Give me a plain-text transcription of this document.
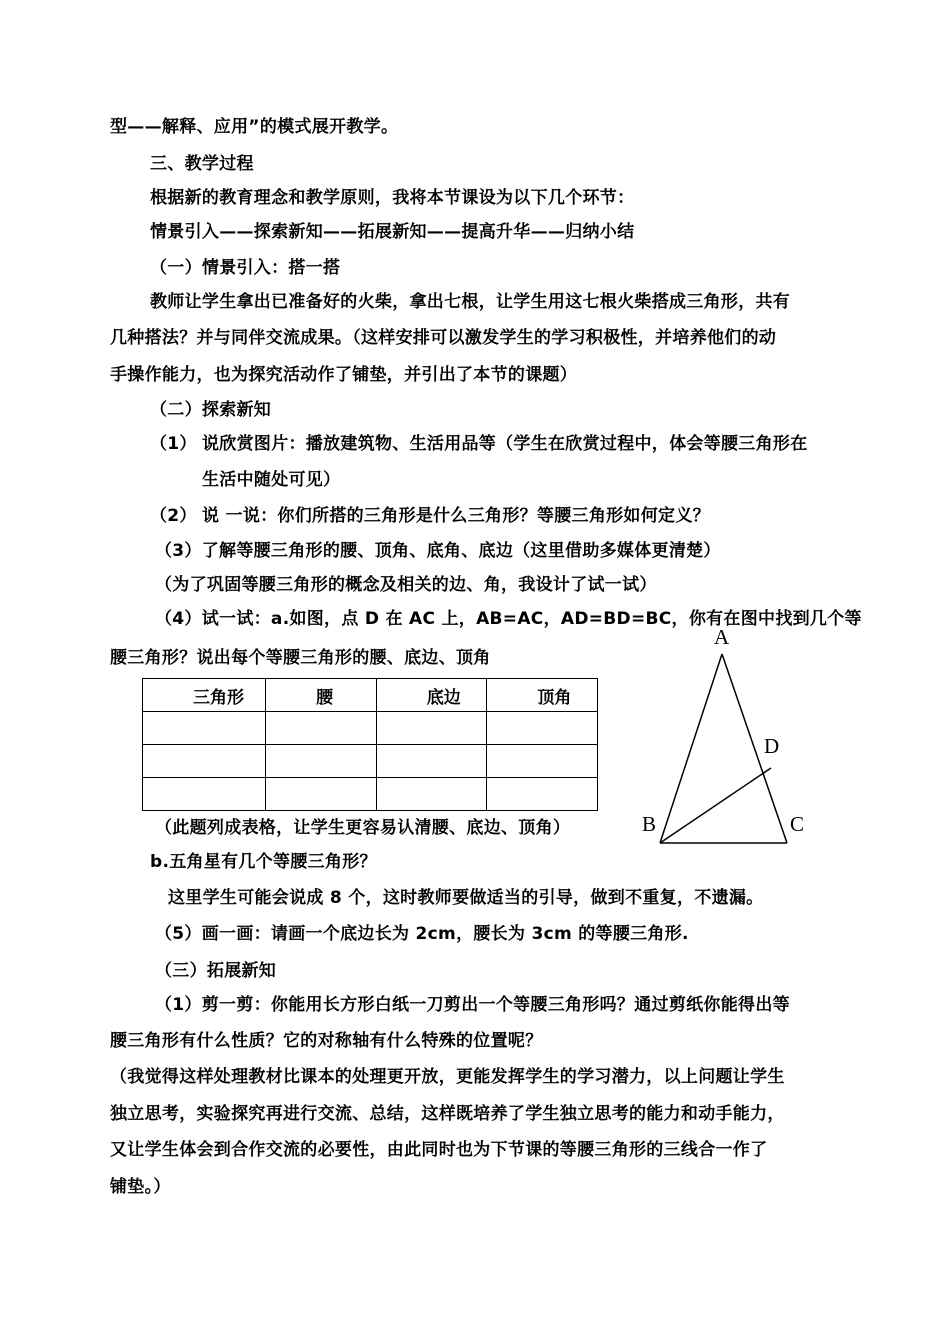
型——解释、应用”的模式展开教学。
三、教学过程
根据新的教育理念和教学原则，我将本节课设为以下几个环节：
情景引入——探索新知——拓展新知——提高升华——归纳小结
（一）情景引入：搭一搭
教师让学生拿出已准备好的火柴，拿出七根，让学生用这七根火柴搭成三角形，共有
几种搭法？并与同伴交流成果。（这样安排可以激发学生的学习积极性，并培养他们的动
手操作能力，也为探究活动作了铺垫，并引出了本节的课题）
（二）探索新知
（1） 说欣赏图片：播放建筑物、生活用品等（学生在欣赏过程中，体会等腰三角形在
生活中随处可见）
（2） 说 一说：你们所搭的三角形是什么三角形？等腰三角形如何定义？
（3）了解等腰三角形的腰、顶角、底角、底边（这里借助多媒体更清楚）
（为了巩固等腰三角形的概念及相关的边、角，我设计了试一试）
（4）试一试：a.如图，点 D 在 AC 上，AB=AC，AD=BD=BC，你有在图中找到几个等
腰三角形？说出每个等腰三角形的腰、底边、顶角
三角形	腰	底边	顶角

A
B	C
D
（此题列成表格，让学生更容易认清腰、底边、顶角）
b.五角星有几个等腰三角形？
这里学生可能会说成 8 个，这时教师要做适当的引导，做到不重复，不遗漏。
（5）画一画：请画一个底边长为 2cm，腰长为 3cm 的等腰三角形.
（三）拓展新知
（1）剪一剪：你能用长方形白纸一刀剪出一个等腰三角形吗？通过剪纸你能得出等
腰三角形有什么性质？它的对称轴有什么特殊的位置呢？
（我觉得这样处理教材比课本的处理更开放，更能发挥学生的学习潜力，以上问题让学生
独立思考，实验探究再进行交流、总结，这样既培养了学生独立思考的能力和动手能力，
又让学生体会到合作交流的必要性，由此同时也为下节课的等腰三角形的三线合一作了
铺垫。）
